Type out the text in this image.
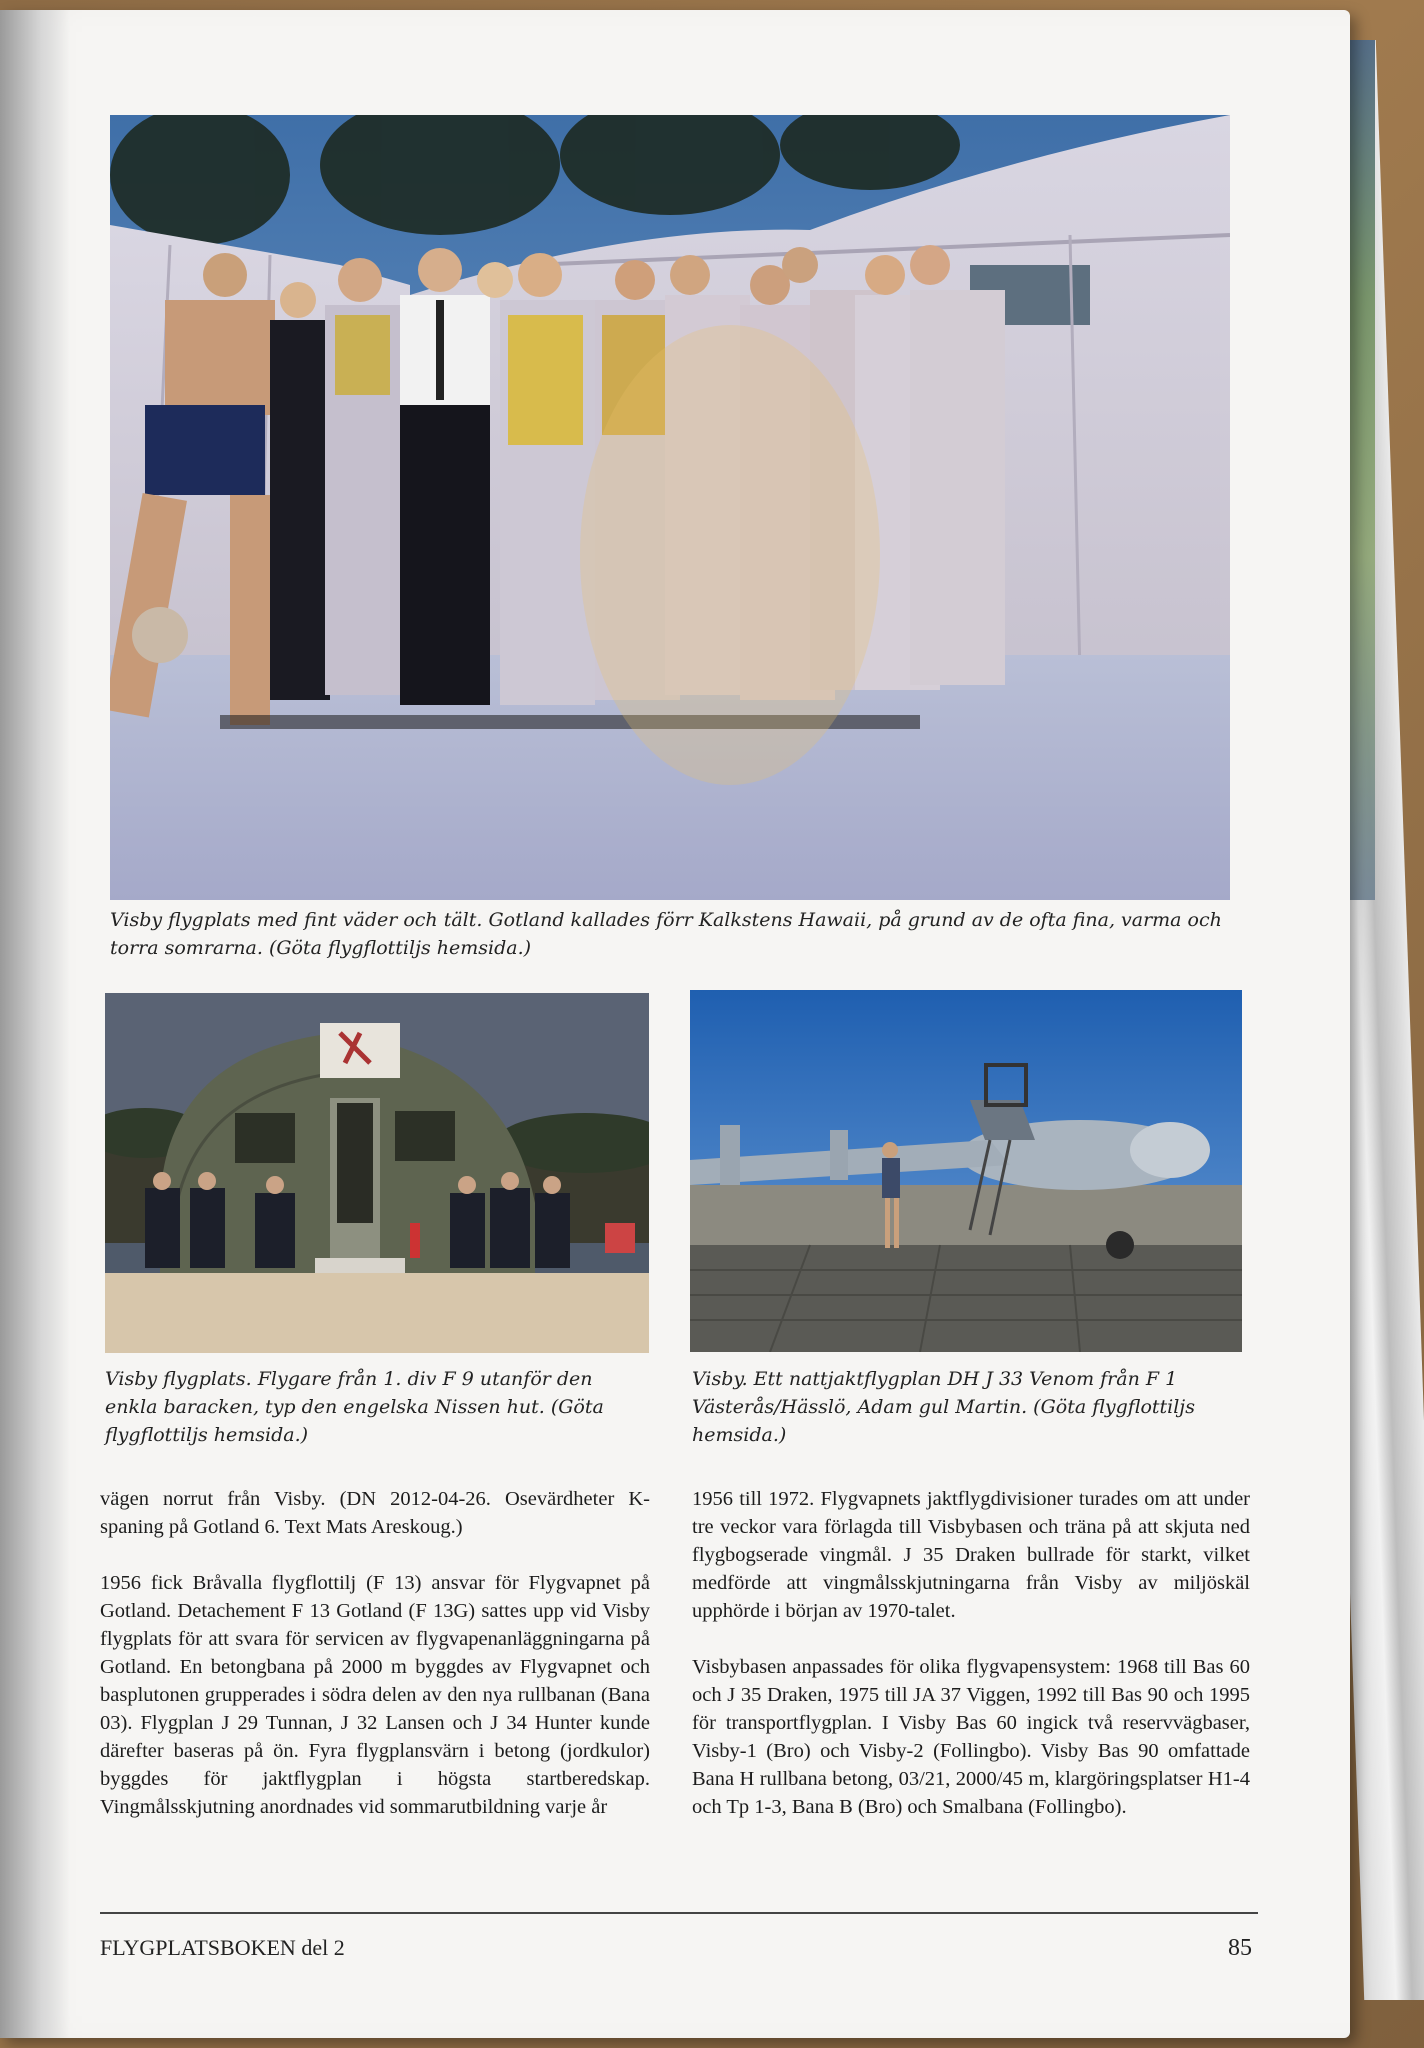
Visby flygplats med fint väder och tält. Gotland kallades förr Kalkstens Hawaii, på grund av de ofta fina, varma och torra somrarna. (Göta flygflottiljs hemsida.)
Visby flygplats. Flygare från 1. div F 9 utanför den enkla baracken, typ den engelska Nissen hut. (Göta flygflottiljs hemsida.)
Visby. Ett nattjaktflygplan DH J 33 Venom från F 1 Västerås/Hässlö, Adam gul Martin. (Göta flygflottiljs hemsida.)

vägen norrut från Visby. (DN 2012-04-26. Osevärdheter K-spaning på Gotland 6. Text Mats Areskoug.)

1956 fick Bråvalla flygflottilj (F 13) ansvar för Flygvapnet på Gotland. Detachement F 13 Gotland (F 13G) sattes upp vid Visby flygplats för att svara för servicen av flygvapenanläggningarna på Gotland. En betongbana på 2000 m byggdes av Flygvapnet och basplutonen grupperades i södra delen av den nya rullbanan (Bana 03). Flygplan J 29 Tunnan, J 32 Lansen och J 34 Hunter kunde därefter baseras på ön. Fyra flygplansvärn i betong (jordkulor) byggdes för jaktflygplan i högsta startberedskap. Vingmålsskjutning anordnades vid sommarutbildning varje år

1956 till 1972. Flygvapnets jaktflygdivisioner turades om att under tre veckor vara förlagda till Visbybasen och träna på att skjuta ned flygbogserade vingmål. J 35 Draken bullrade för starkt, vilket medförde att vingmålsskjutningarna från Visby av miljöskäl upphörde i början av 1970-talet.

Visbybasen anpassades för olika flygvapensystem: 1968 till Bas 60 och J 35 Draken, 1975 till JA 37 Viggen, 1992 till Bas 90 och 1995 för transportflygplan. I Visby Bas 60 ingick två reservvägbaser, Visby-1 (Bro) och Visby-2 (Follingbo). Visby Bas 90 omfattade Bana H rullbana betong, 03/21, 2000/45 m, klargöringsplatser H1-4 och Tp 1-3, Bana B (Bro) och Smalbana (Follingbo).

FLYGPLATSBOKEN del 2	85
